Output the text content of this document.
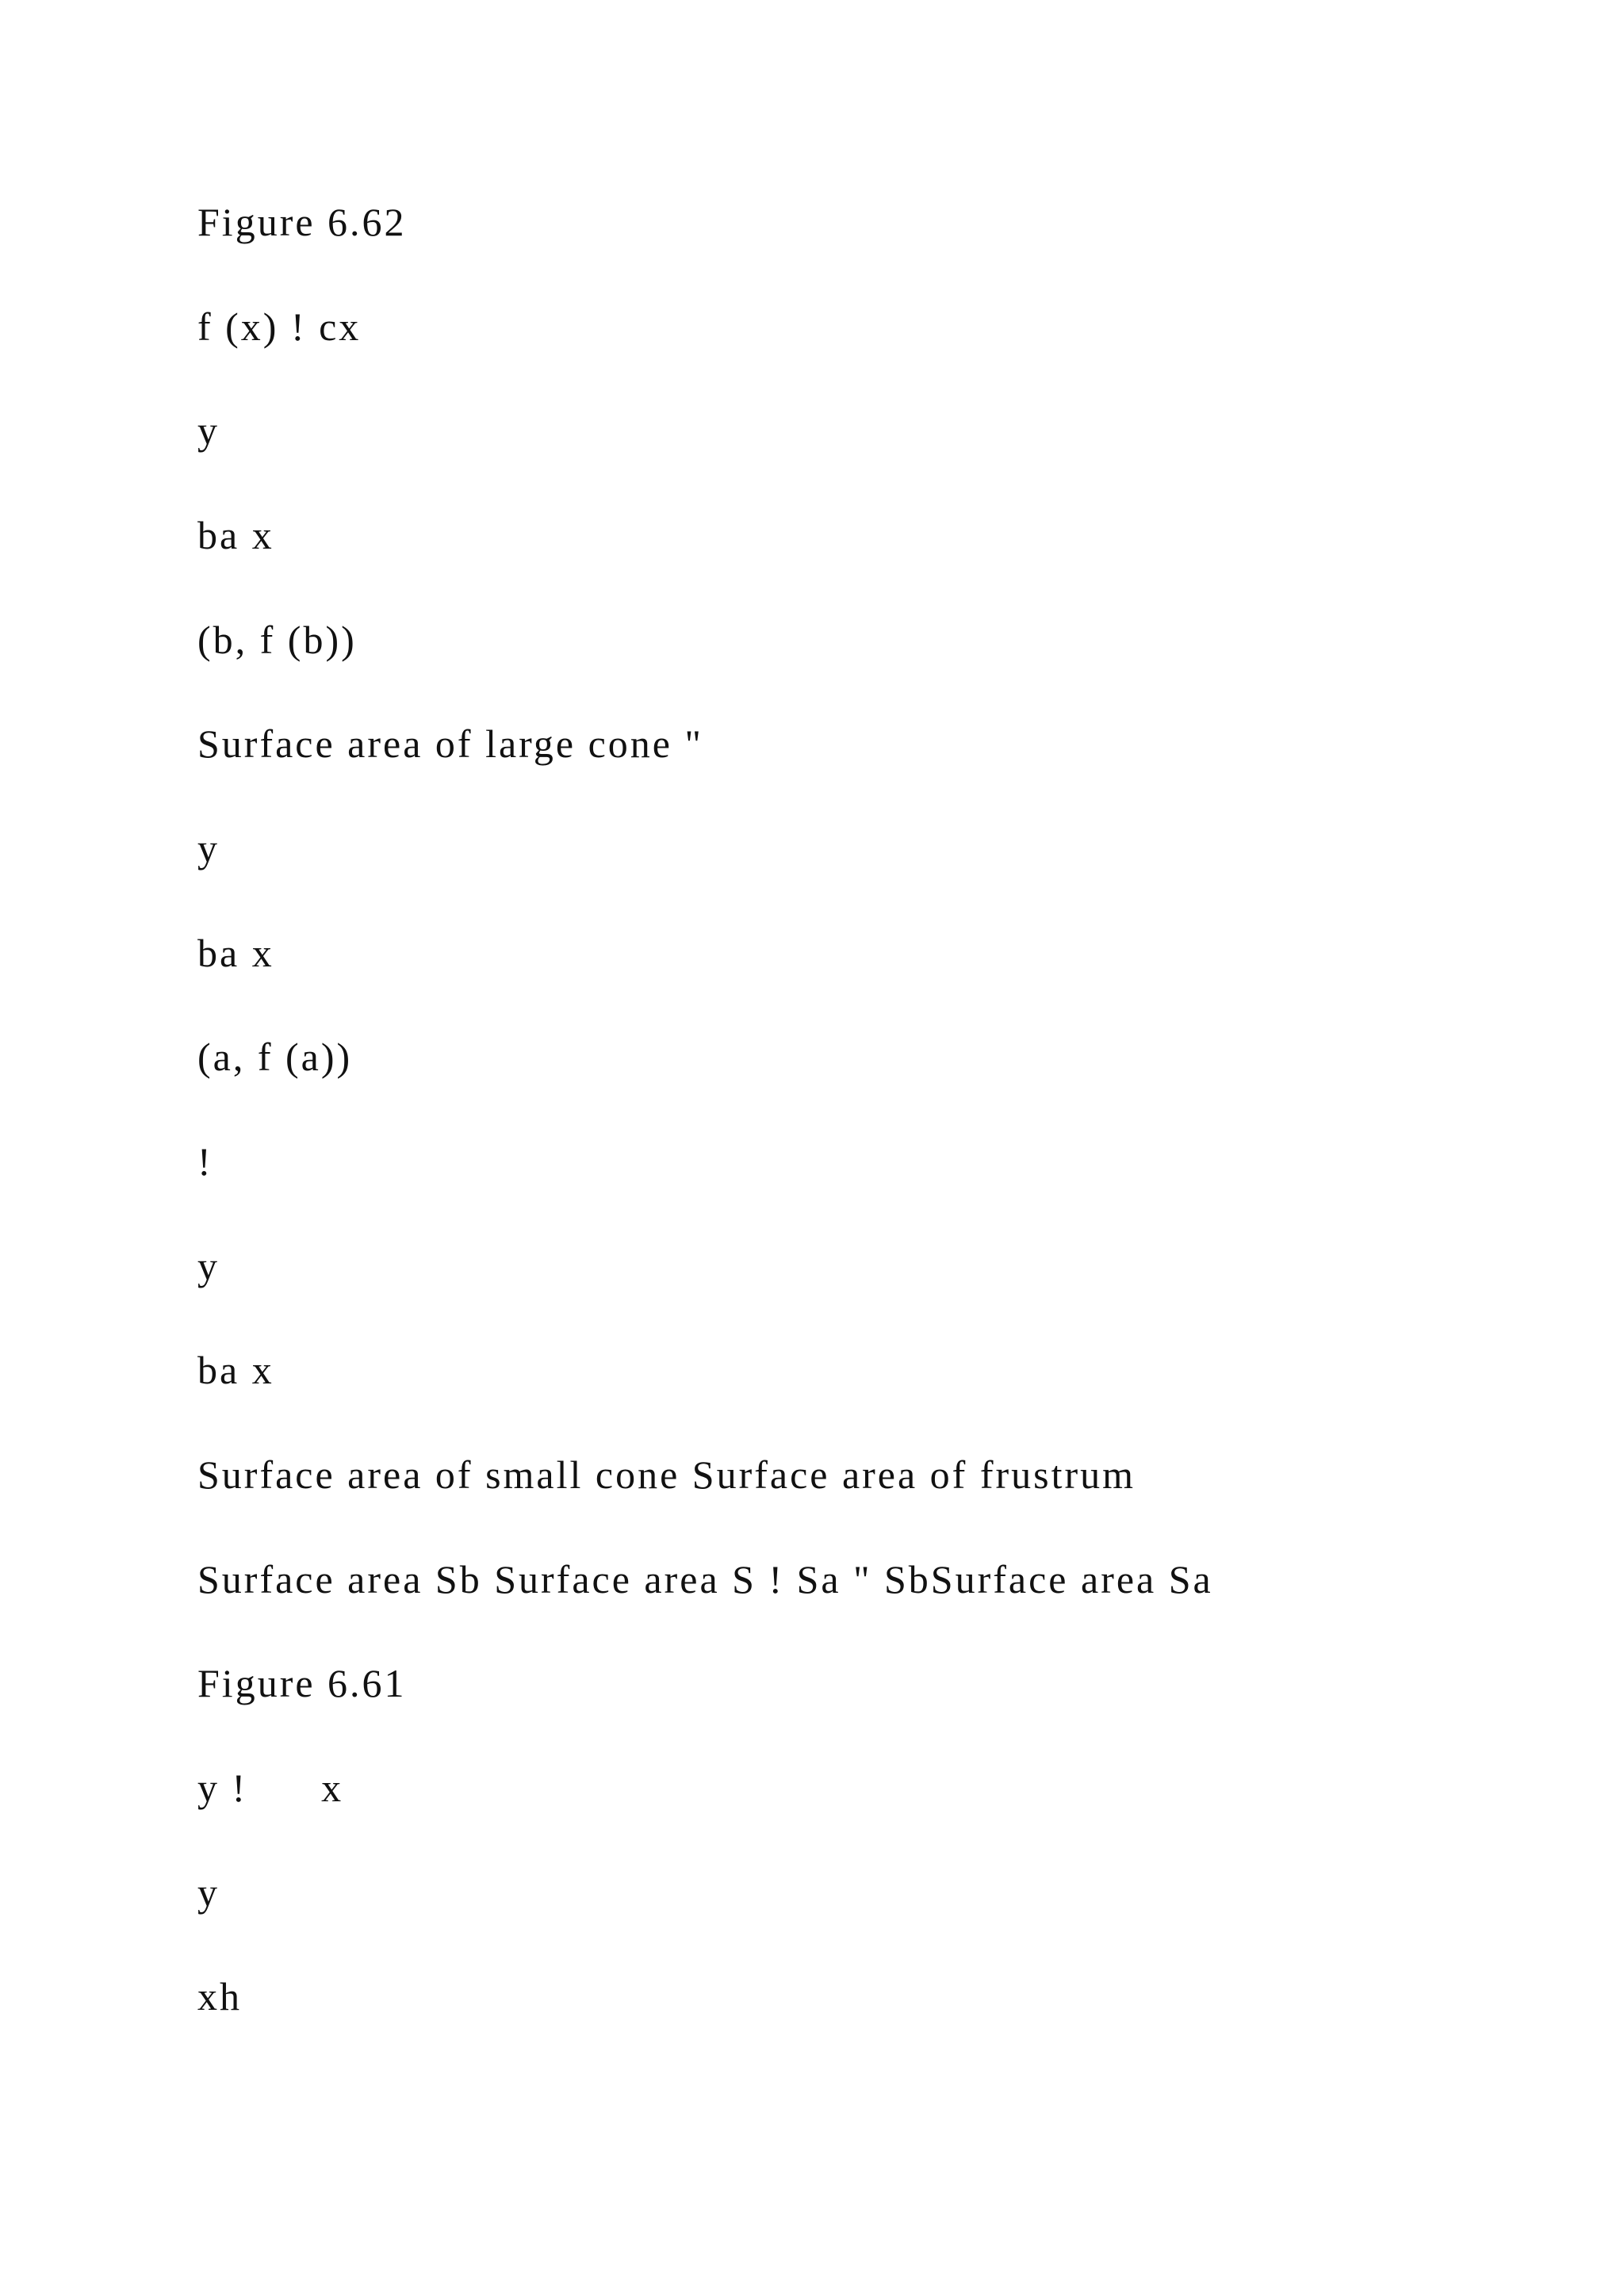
Figure 6.62

f (x) ! cx

y

ba x

(b, f (b))

Surface area of large cone "

y

ba x

(a, f (a))

!

y

ba x

Surface area of small cone Surface area of frustrum

Surface area Sb Surface area S ! Sa " SbSurface area Sa

Figure 6.61

y !      x

y

xh
